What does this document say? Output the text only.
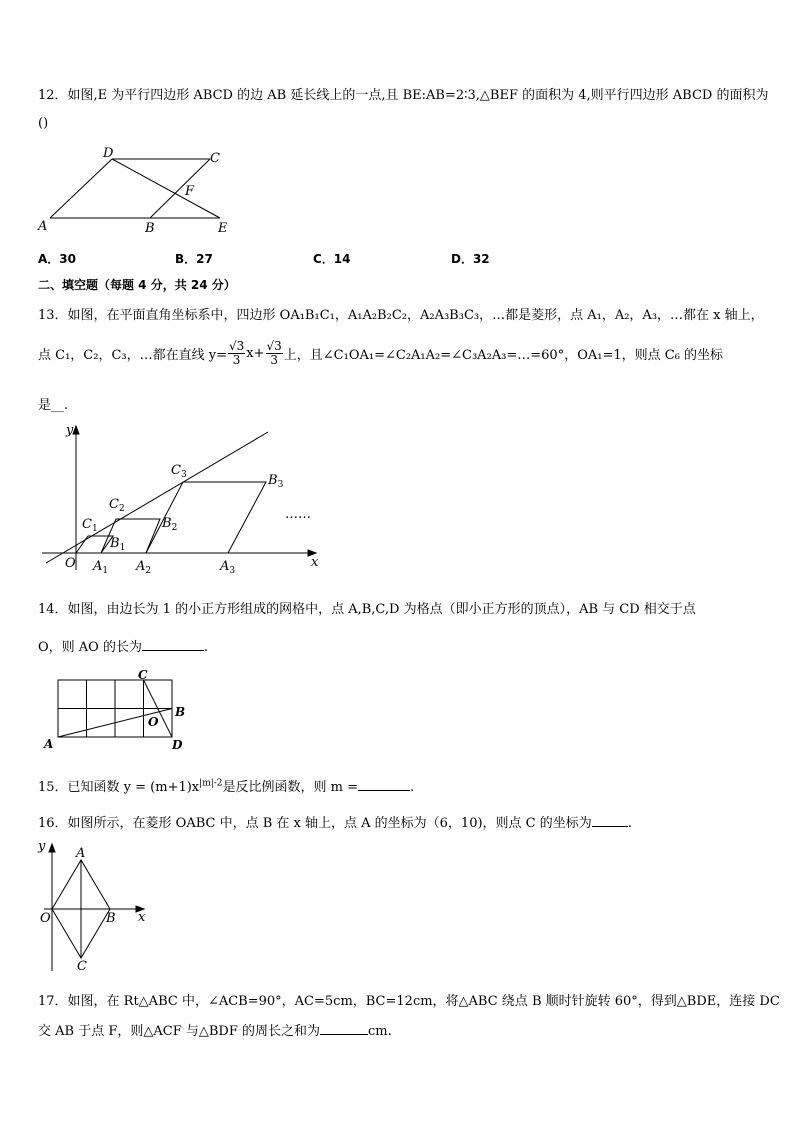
12．如图,E 为平行四边形 ABCD 的边 AB 延长线上的一点,且 BE:AB=2∶3,△BEF 的面积为 4,则平行四边形 ABCD 的面积为
()
A
D	C
F
B	E
A．30	B．27	C．14	D．32
二、填空题（每题 4 分，共 24 分）
13．如图，在平面直角坐标系中，四边形 OA₁B₁C₁，A₁A₂B₂C₂，A₂A₃B₃C₃，…都是菱形，点 A₁，A₂，A₃，…都在 x 轴上，
点 C₁，C₂，C₃，…都在直线 $y= \frac{√3}{3} x+ \frac{√3}{3}$ 上，且∠C₁OA₁=∠C₂A₁A₂=∠C₃A₂A₃=…=60°，OA₁=1，则点 C₆ 的坐标
是__.
y
x
O $A_1$ $A_2$	$A_3$
$B_1$
$B_2$
$B_3$
$C_1$
$C_2$
$C_3$
……
14．如图，由边长为 1 的小正方形组成的网格中，点 A,B,C,D 为格点（即小正方形的顶点），AB 与 CD 相交于点
O，则 AO 的长为	.
A
C
O
B
D
15．已知函数 $y = (m+1)x^{|m|-2}$是反比例函数，则 m =	.
16．如图所示，在菱形 OABC 中，点 B 在 x 轴上，点 A 的坐标为（6，10)，则点 C 的坐标为	.
y
x
O
A
B
C
17．如图，在 Rt△ABC 中，∠ACB=90°，AC=5cm，BC=12cm，将△ABC 绕点 B 顺时针旋转 60°，得到△BDE，连接 DC
交 AB 于点 F，则△ACF 与△BDF 的周长之和为	cm.
